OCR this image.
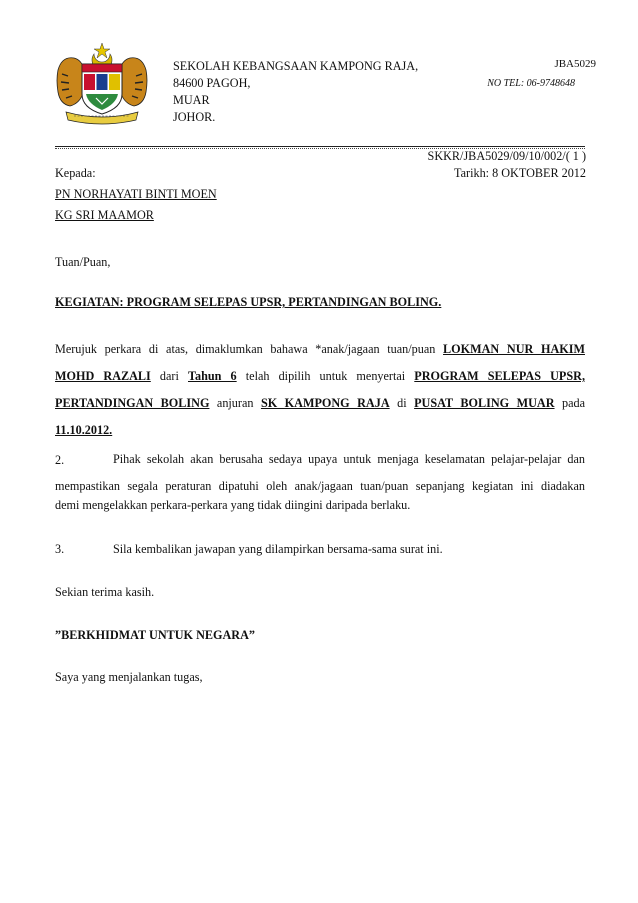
SEKOLAH KEBANGSAAN KAMPONG RAJA,
84600 PAGOH,
MUAR
JOHOR.
JBA5029
NO TEL: 06-9748648
SKKR/JBA5029/09/10/002/( 1 )
Tarikh: 8 OKTOBER 2012
Kepada:
PN NORHAYATI BINTI MOEN
KG SRI MAAMOR
Tuan/Puan,
KEGIATAN: PROGRAM SELEPAS UPSR, PERTANDINGAN BOLING.
Merujuk perkara di atas, dimaklumkan bahawa *anak/jagaan tuan/puan LOKMAN NUR HAKIM
MOHD RAZALI dari Tahun 6 telah dipilih untuk menyertai PROGRAM SELEPAS UPSR,
PERTANDINGAN BOLING anjuran SK KAMPONG RAJA di PUSAT BOLING MUAR pada
11.10.2012.
2.	Pihak sekolah akan berusaha sedaya upaya untuk menjaga keselamatan pelajar-pelajar dan
mempastikan segala peraturan dipatuhi oleh anak/jagaan tuan/puan sepanjang kegiatan ini diadakan
demi mengelakkan perkara-perkara yang tidak diingini daripada berlaku.
3.	Sila kembalikan jawapan yang dilampirkan bersama-sama surat ini.
Sekian terima kasih.
”BERKHIDMAT UNTUK NEGARA”
Saya yang menjalankan tugas,
